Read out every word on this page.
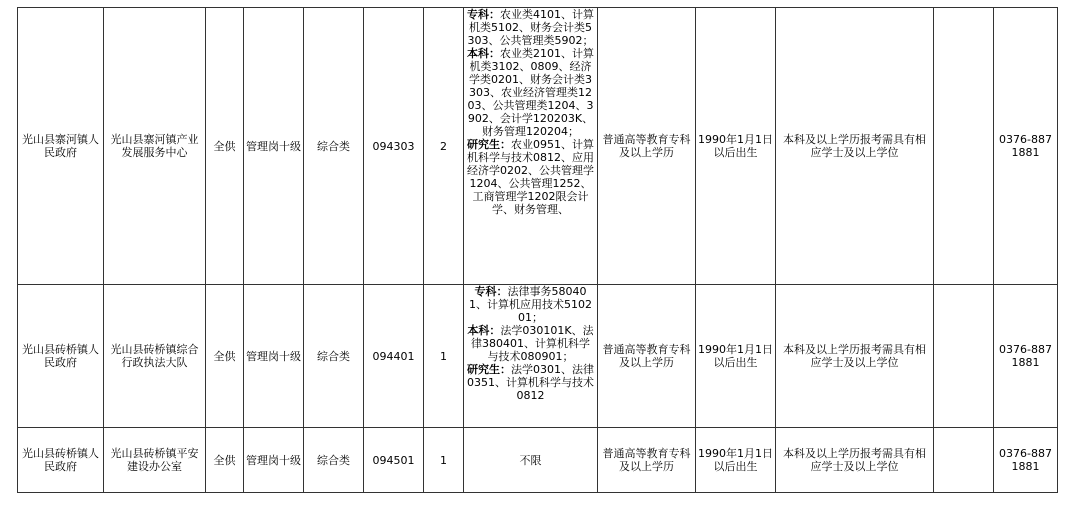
光山县寨河镇人民政府	光山县寨河镇产业发展服务中心	全供	管理岗十级	综合类	094303	2	专科：农业类4101、计算机类5102、财务会计类5303、公共管理类5902；
本科：农业类2101、计算机类3102、0809、经济学类0201、财务会计类3303、农业经济管理类1203、公共管理类1204、3902、会计学120203K、财务管理120204；
研究生：农业0951、计算机科学与技术0812、应用经济学0202、公共管理学1204、公共管理1252、工商管理学1202限会计学、财务管理、	普通高等教育专科及以上学历	1990年1月1日以后出生	本科及以上学历报考需具有相应学士及以上学位		0376-8871881
光山县砖桥镇人民政府	光山县砖桥镇综合行政执法大队	全供	管理岗十级	综合类	094401	1	专科：法律事务580401、计算机应用技术510201；
本科：法学030101K、法律380401、计算机科学与技术080901；
研究生：法学0301、法律0351、计算机科学与技术0812	普通高等教育专科及以上学历	1990年1月1日以后出生	本科及以上学历报考需具有相应学士及以上学位		0376-8871881
光山县砖桥镇人民政府	光山县砖桥镇平安建设办公室	全供	管理岗十级	综合类	094501	1	不限	普通高等教育专科及以上学历	1990年1月1日以后出生	本科及以上学历报考需具有相应学士及以上学位		0376-8871881
